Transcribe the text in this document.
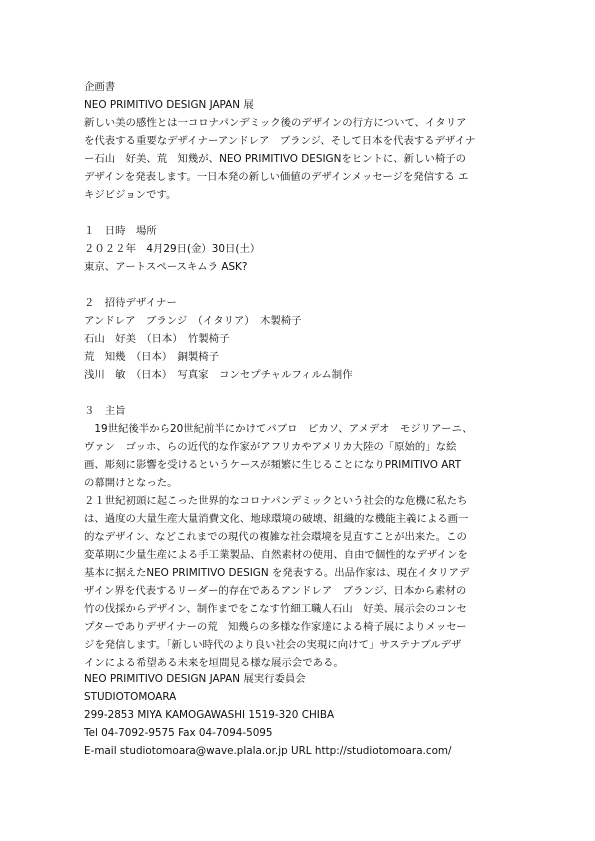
企画書
NEO PRIMITIVO DESIGN JAPAN 展
新しい美の感性とは一コロナパンデミック後のデザインの行方について、イタリア
を代表する重要なデザイナーアンドレア　ブランジ、そして日本を代表するデザイナ
ー石山　好美、荒　知幾が、NEO PRIMITIVO DESIGNをヒントに、新しい椅子の
デザインを発表します。一日本発の新しい価値のデザインメッセージを発信する エ
キジビジョンです。
１　日時　場所
２０２２年　4月29日(金）30日(土）
東京、アートスペースキムラ ASK?
２　招待デザイナー
アンドレア　ブランジ　（イタリア）　木製椅子
石山　好美　（日本）　竹製椅子
荒　知幾　（日本）　銅製椅子
浅川　敏　（日本）　写真家　コンセプチャルフィルム制作
３　主旨
　19世紀後半から20世紀前半にかけてパブロ　ピカソ、アメデオ　モジリアーニ、
ヴァン　ゴッホ、らの近代的な作家がアフリカやアメリカ大陸の「原始的」な絵
画、彫刻に影響を受けるというケースが頻繁に生じることになりPRIMITIVO ART
の幕開けとなった。
２１世紀初頭に起こった世界的なコロナパンデミックという社会的な危機に私たち
は、過度の大量生産大量消費文化、地球環境の破壊、組織的な機能主義による画一
的なデザイン、などこれまでの現代の複雑な社会環境を見直すことが出来た。この
変革期に少量生産による手工業製品、自然素材の使用、自由で個性的なデザインを
基本に据えたNEO PRIMITIVO DESIGN を発表する。出品作家は、現在イタリアデ
ザイン界を代表するリーダー的存在であるアンドレア　ブランジ、日本から素材の
竹の伐採からデザイン、制作までをこなす竹細工職人石山　好美、展示会のコンセ
プターでありデザイナーの荒　知幾らの多様な作家達による椅子展によりメッセー
ジを発信します。「新しい時代のより良い社会の実現に向けて」サステナブルデザ
インによる希望ある未来を垣間見る様な展示会である。
NEO PRIMITIVO DESIGN JAPAN 展実行委員会
STUDIOTOMOARA
299-2853 MIYA KAMOGAWASHI 1519-320 CHIBA
Tel 04-7092-9575 Fax 04-7094-5095
E-mail studiotomoara@wave.plala.or.jp URL http://studiotomoara.com/
